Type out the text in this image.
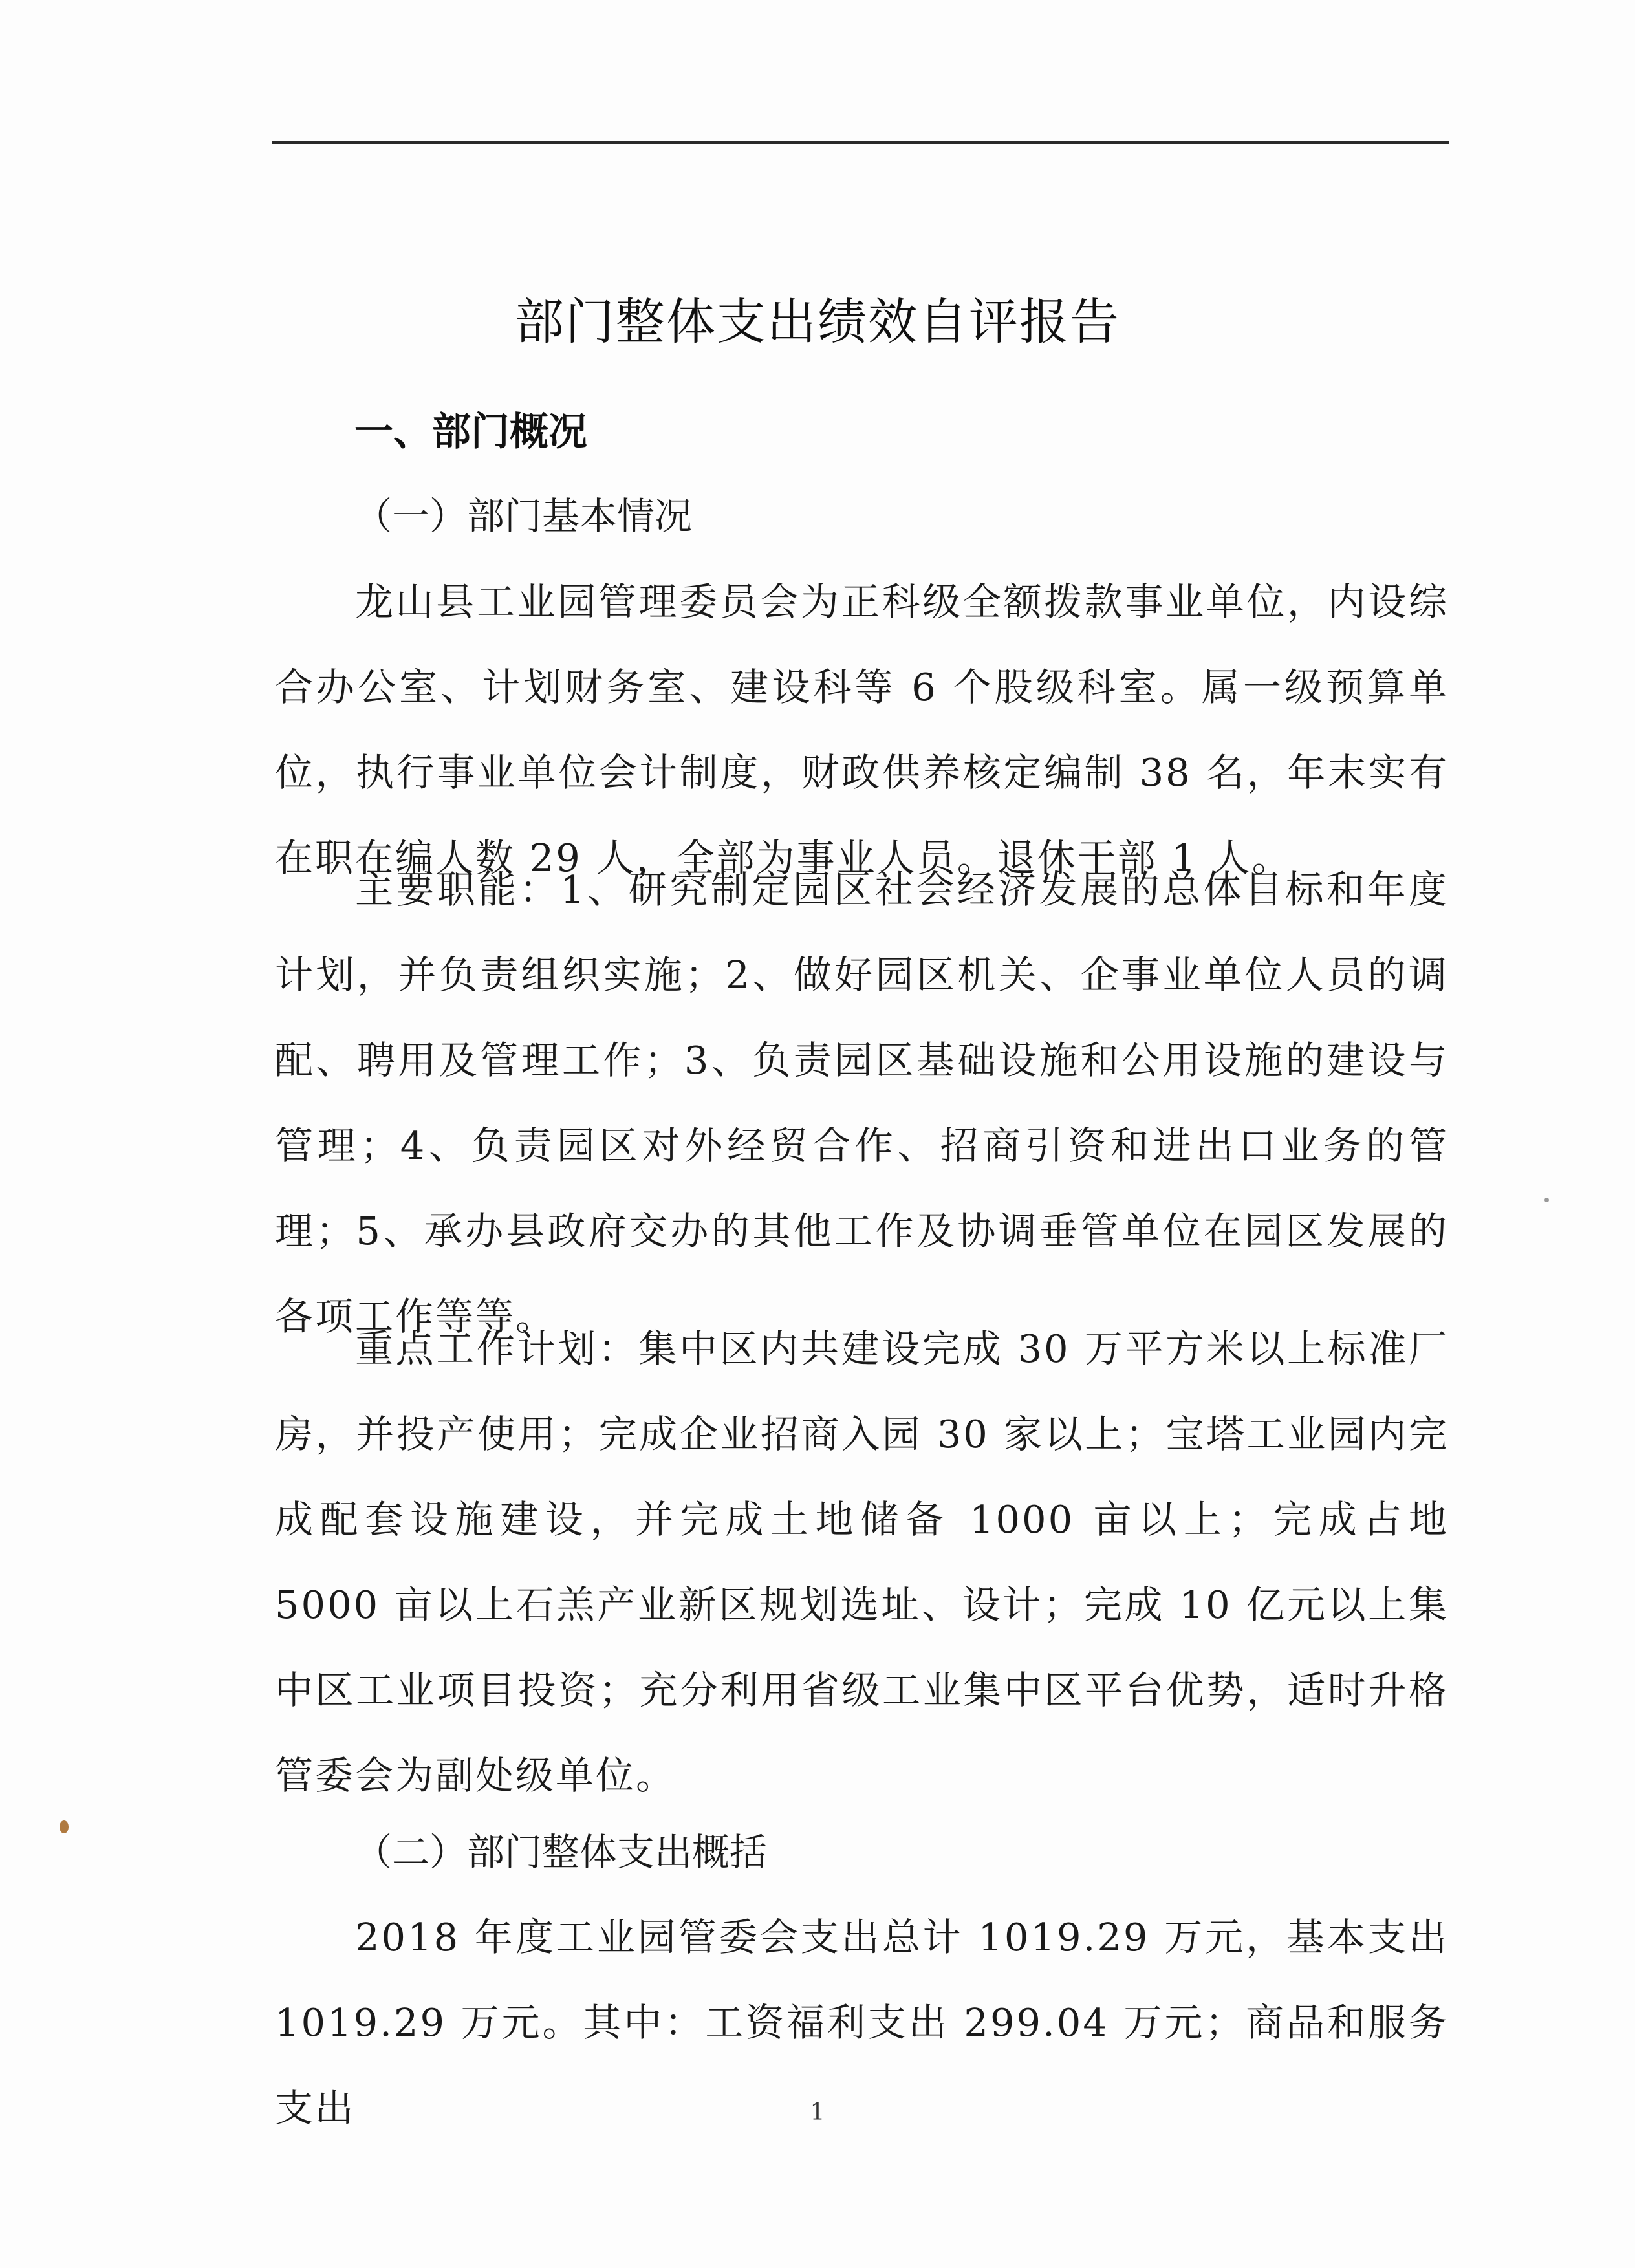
部门整体支出绩效自评报告
一、部门概况
（一）部门基本情况

龙山县工业园管理委员会为正科级全额拨款事业单位，内设综合办公室、计划财务室、建设科等 6 个股级科室。属一级预算单位，执行事业单位会计制度，财政供养核定编制 38 名，年末实有在职在编人数 29 人，全部为事业人员。退休干部 1 人。

主要职能：1、研究制定园区社会经济发展的总体目标和年度计划，并负责组织实施；2、做好园区机关、企事业单位人员的调配、聘用及管理工作；3、负责园区基础设施和公用设施的建设与管理；4、负责园区对外经贸合作、招商引资和进出口业务的管理；5、承办县政府交办的其他工作及协调垂管单位在园区发展的各项工作等等。

重点工作计划：集中区内共建设完成 30 万平方米以上标准厂房，并投产使用；完成企业招商入园 30 家以上；宝塔工业园内完成配套设施建设，并完成土地储备 1000 亩以上；完成占地 5000 亩以上石羔产业新区规划选址、设计；完成 10 亿元以上集中区工业项目投资；充分利用省级工业集中区平台优势，适时升格管委会为副处级单位。

（二）部门整体支出概括

2018 年度工业园管委会支出总计 1019.29 万元，基本支出 1019.29 万元。其中：工资福利支出 299.04 万元；商品和服务支出	1
